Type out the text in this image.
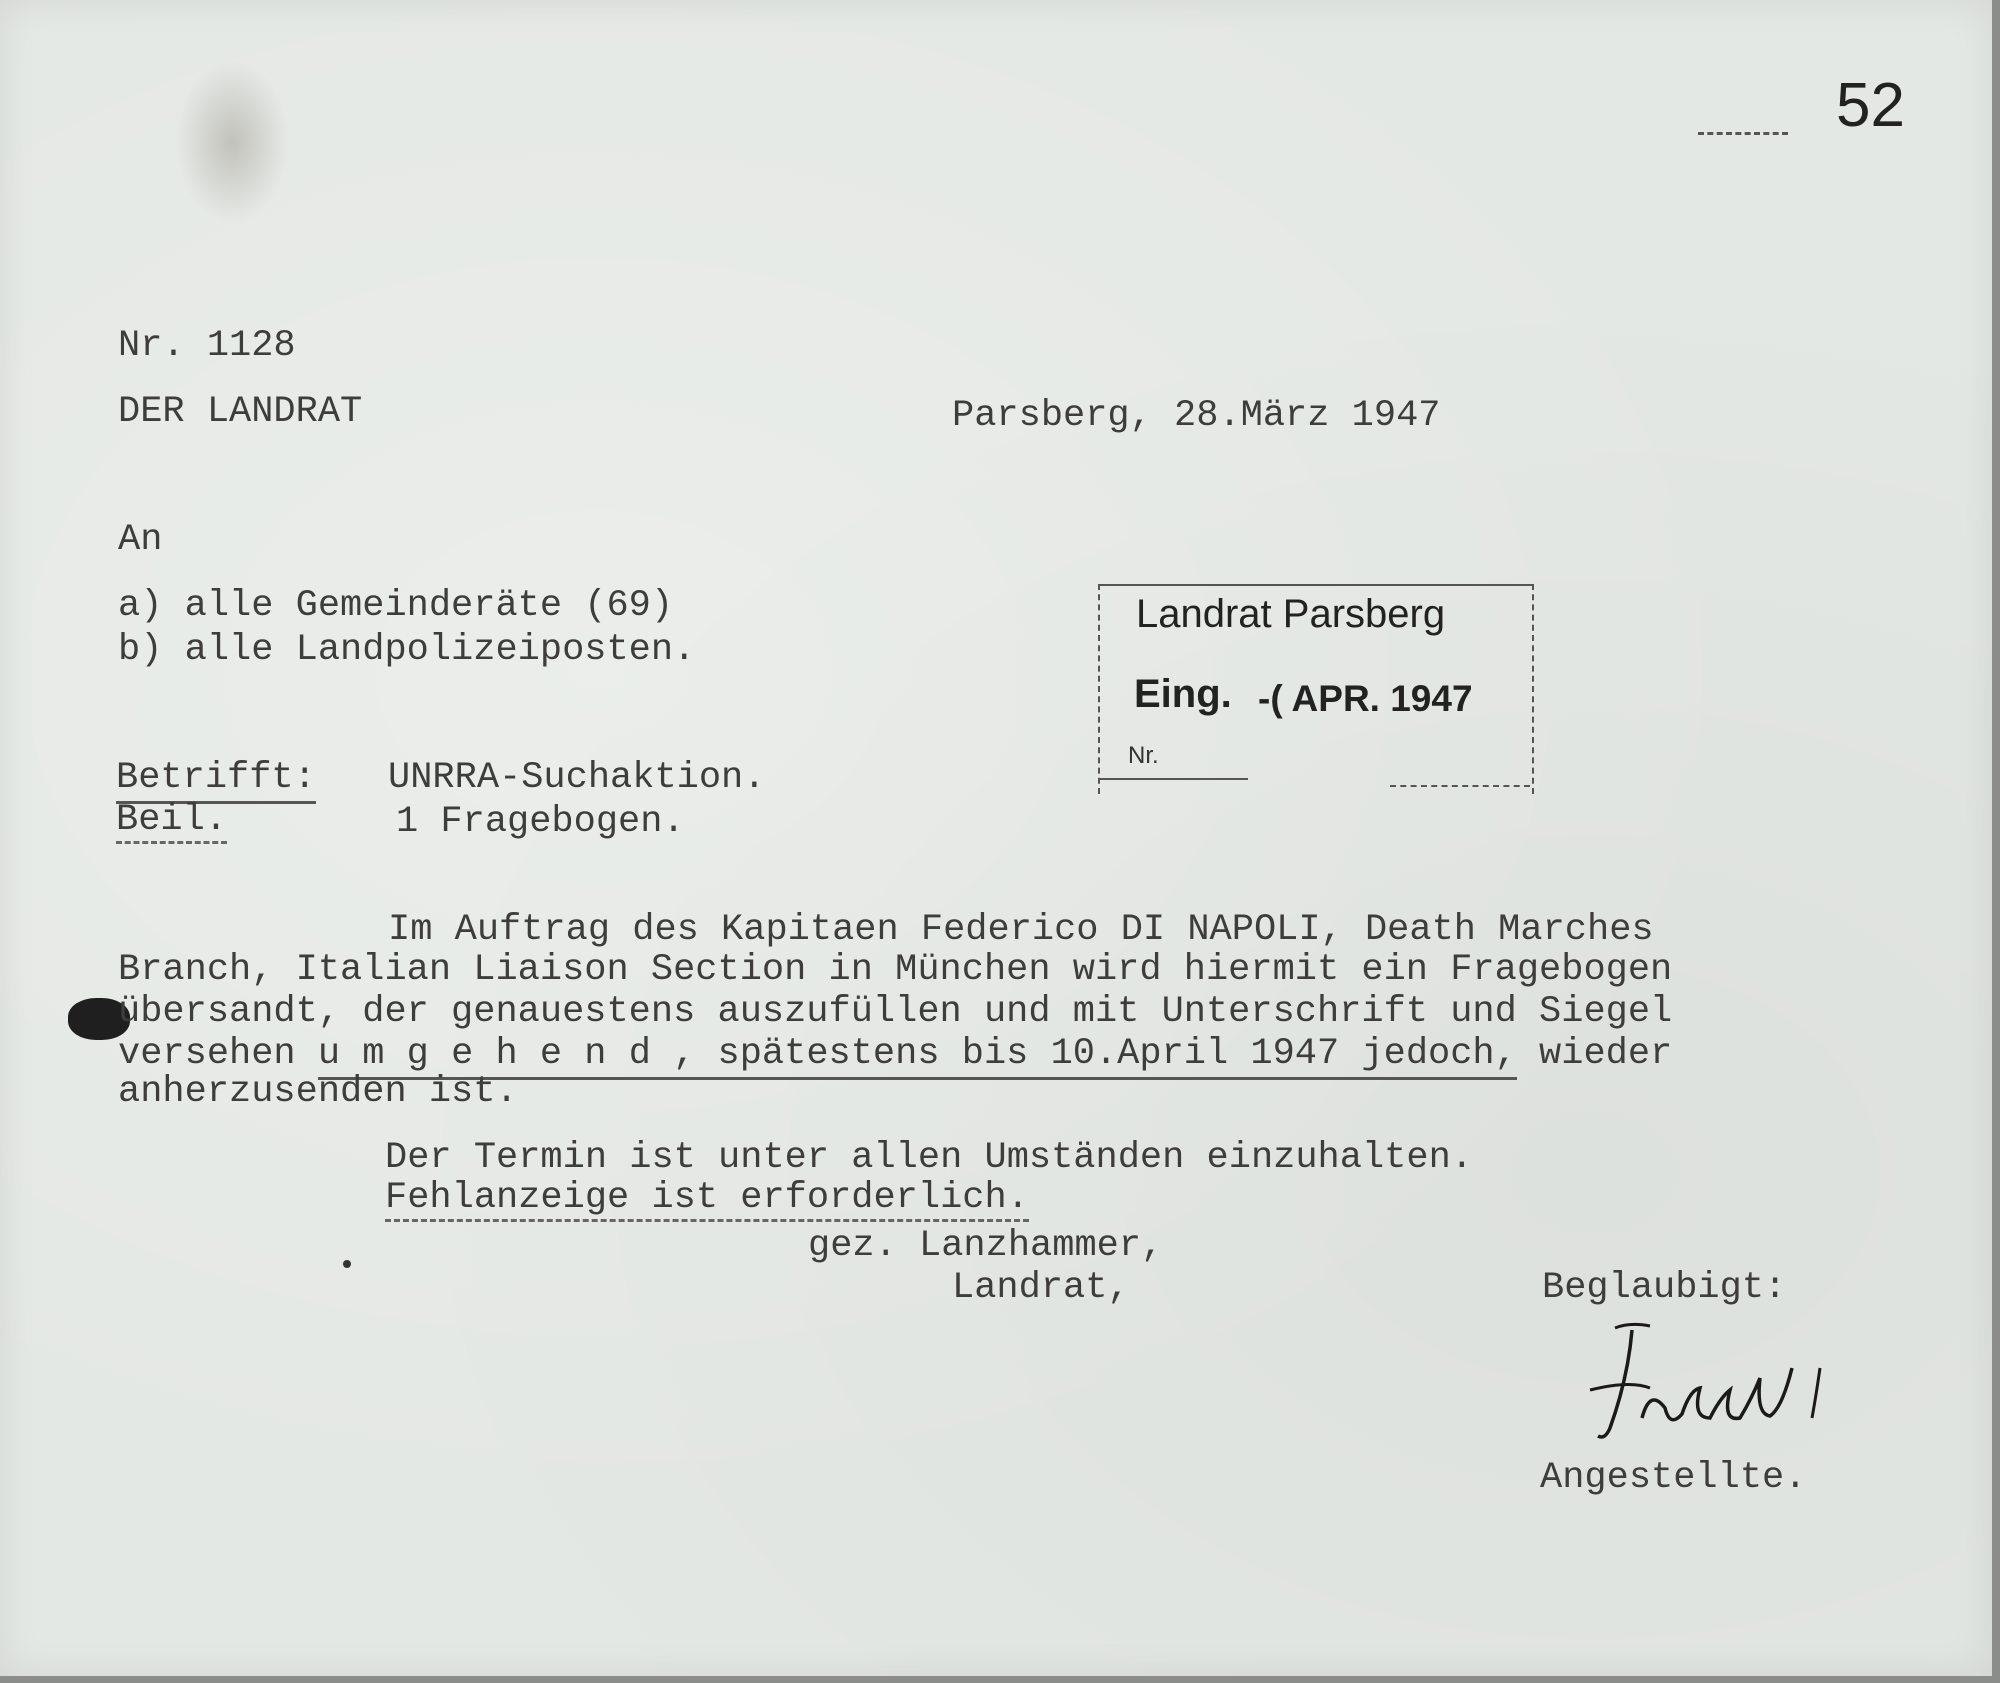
52
Nr. 1128
DER LANDRAT	Parsberg, 28.März 1947
An
a) alle Gemeinderäte (69)
b) alle Landpolizeiposten.
Landrat Parsberg
Eing. -( APR. 1947
Nr.
Betrifft: UNRRA-Suchaktion.
Beil.	1 Fragebogen.
Im Auftrag des Kapitaen Federico DI NAPOLI, Death Marches
Branch, Italian Liaison Section in München wird hiermit ein Fragebogen
übersandt, der genauestens auszufüllen und mit Unterschrift und Siegel
versehen u m g e h e n d , spätestens bis 10.April 1947 jedoch, wieder
anherzusenden ist.
Der Termin ist unter allen Umständen einzuhalten.
Fehlanzeige ist erforderlich.
gez. Lanzhammer,
Landrat,	Beglaubigt:
Angestellte.
